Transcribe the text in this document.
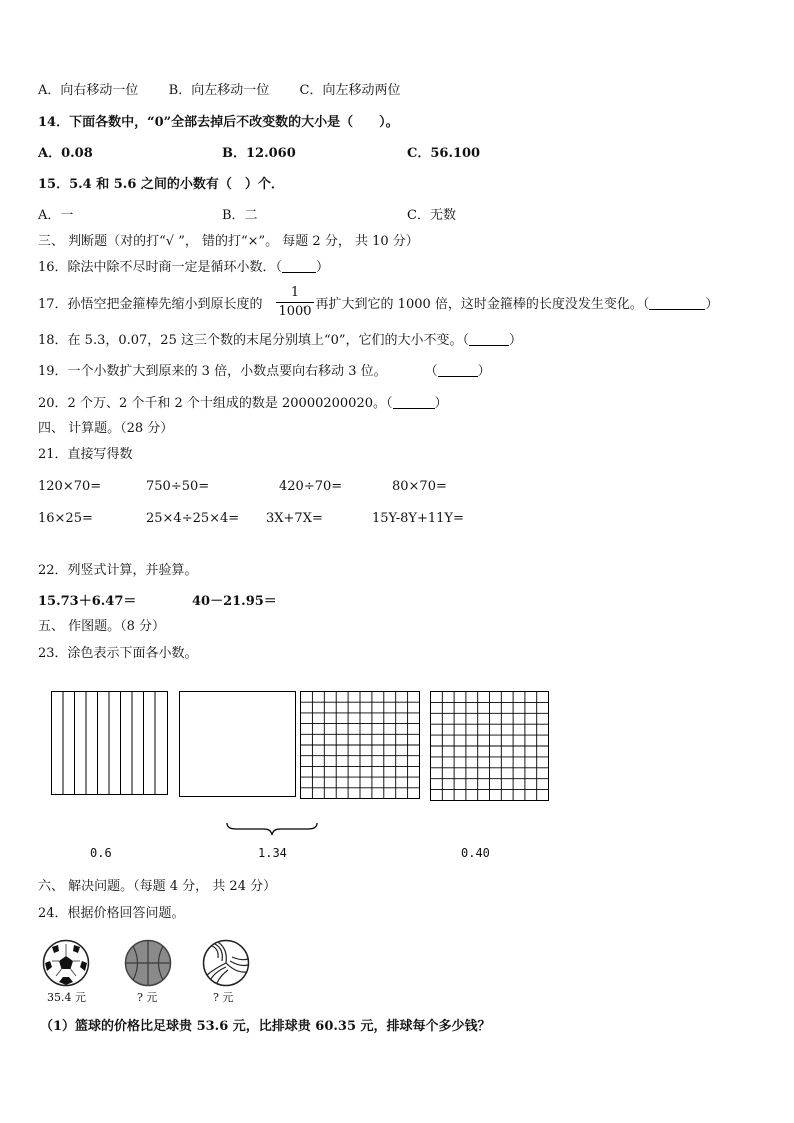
A．向右移动一位 B．向左移动一位 C．向左移动两位
14．下面各数中，“0”全部去掉后不改变数的大小是（　　）。
A．0.08	B．12.060	C．56.100
15．5.4 和 5.6 之间的小数有（　）个．
A．一	B．二	C．无数
三、 判断题（对的打“√ ”， 错的打“×”。 每题 2 分， 共 10 分）
16．除法中除不尽时商一定是循环小数．（	）
17．孙悟空把金箍棒先缩小到原长度的	，再扩大到它的 1000 倍，这时金箍棒的长度没发生变化。（	）
1
1000
18．在 5.3，0.07，25 这三个数的末尾分别填上“0”，它们的大小不变。（	）
19．一个小数扩大到原来的 3 倍，小数点要向右移动 3 位。	（	）
20．2 个万、2 个千和 2 个十组成的数是 20000200020。（	）
四、 计算题。（28 分）
21．直接写得数
120×70=	750÷50=	420÷70=	80×70=
16×25=	25×4÷25×4= 3X+7X=	15Y-8Y+11Y=
22．列竖式计算，并验算。
15.73＋6.47＝	40－21.95＝
五、 作图题。（8 分）
23．涂色表示下面各小数。
0.6	1.34	0.40
六、 解决问题。（每题 4 分， 共 24 分）
24．根据价格回答问题。
35.4 元	? 元	? 元
（1）篮球的价格比足球贵 53.6 元，比排球贵 60.35 元，排球每个多少钱？
